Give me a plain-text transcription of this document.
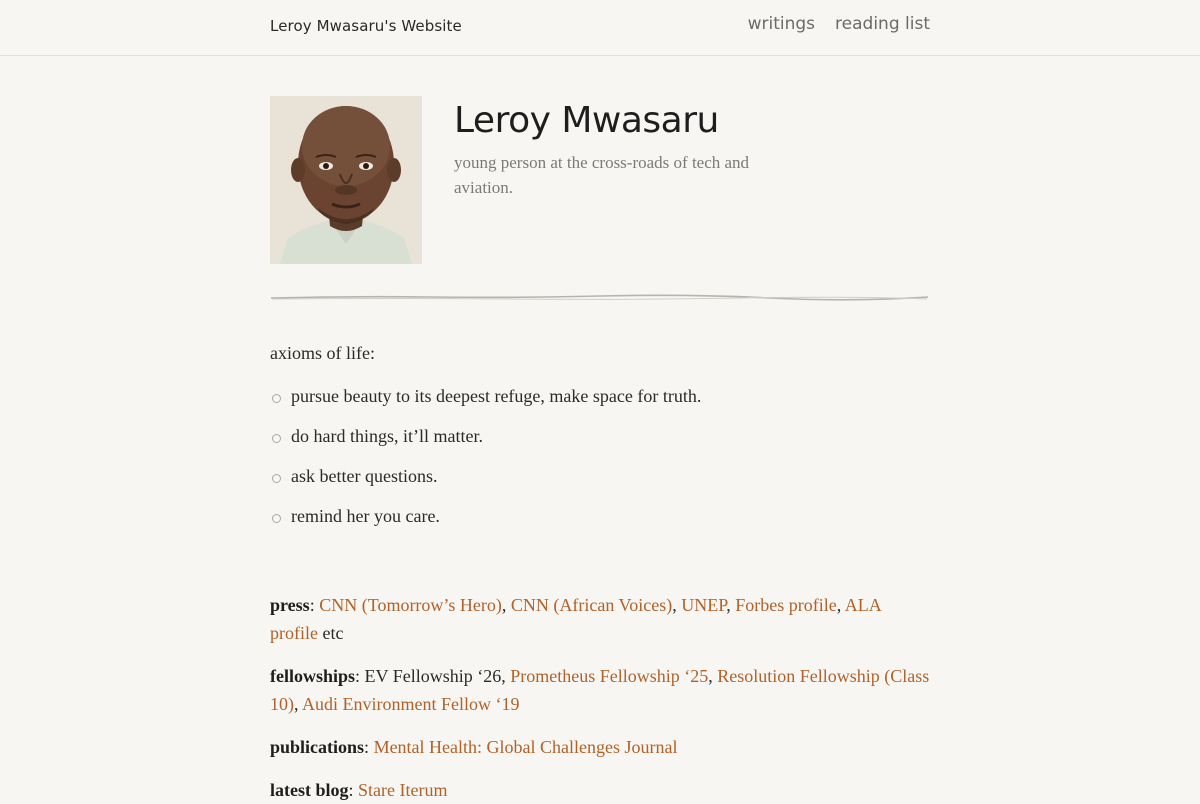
Leroy Mwasaru's Website	writings reading list
Leroy Mwasaru

young person at the cross-roads of tech and aviation.

axioms of life:

pursue beauty to its deepest refuge, make space for truth.
do hard things, it’ll matter.
ask better questions.
remind her you care.

press: CNN (Tomorrow’s Hero), CNN (African Voices), UNEP, Forbes profile, ALA profile etc

fellowships: EV Fellowship ‘26, Prometheus Fellowship ‘25, Resolution Fellowship (Class 10), Audi Environment Fellow ‘19

publications: Mental Health: Global Challenges Journal

latest blog: Stare Iterum
